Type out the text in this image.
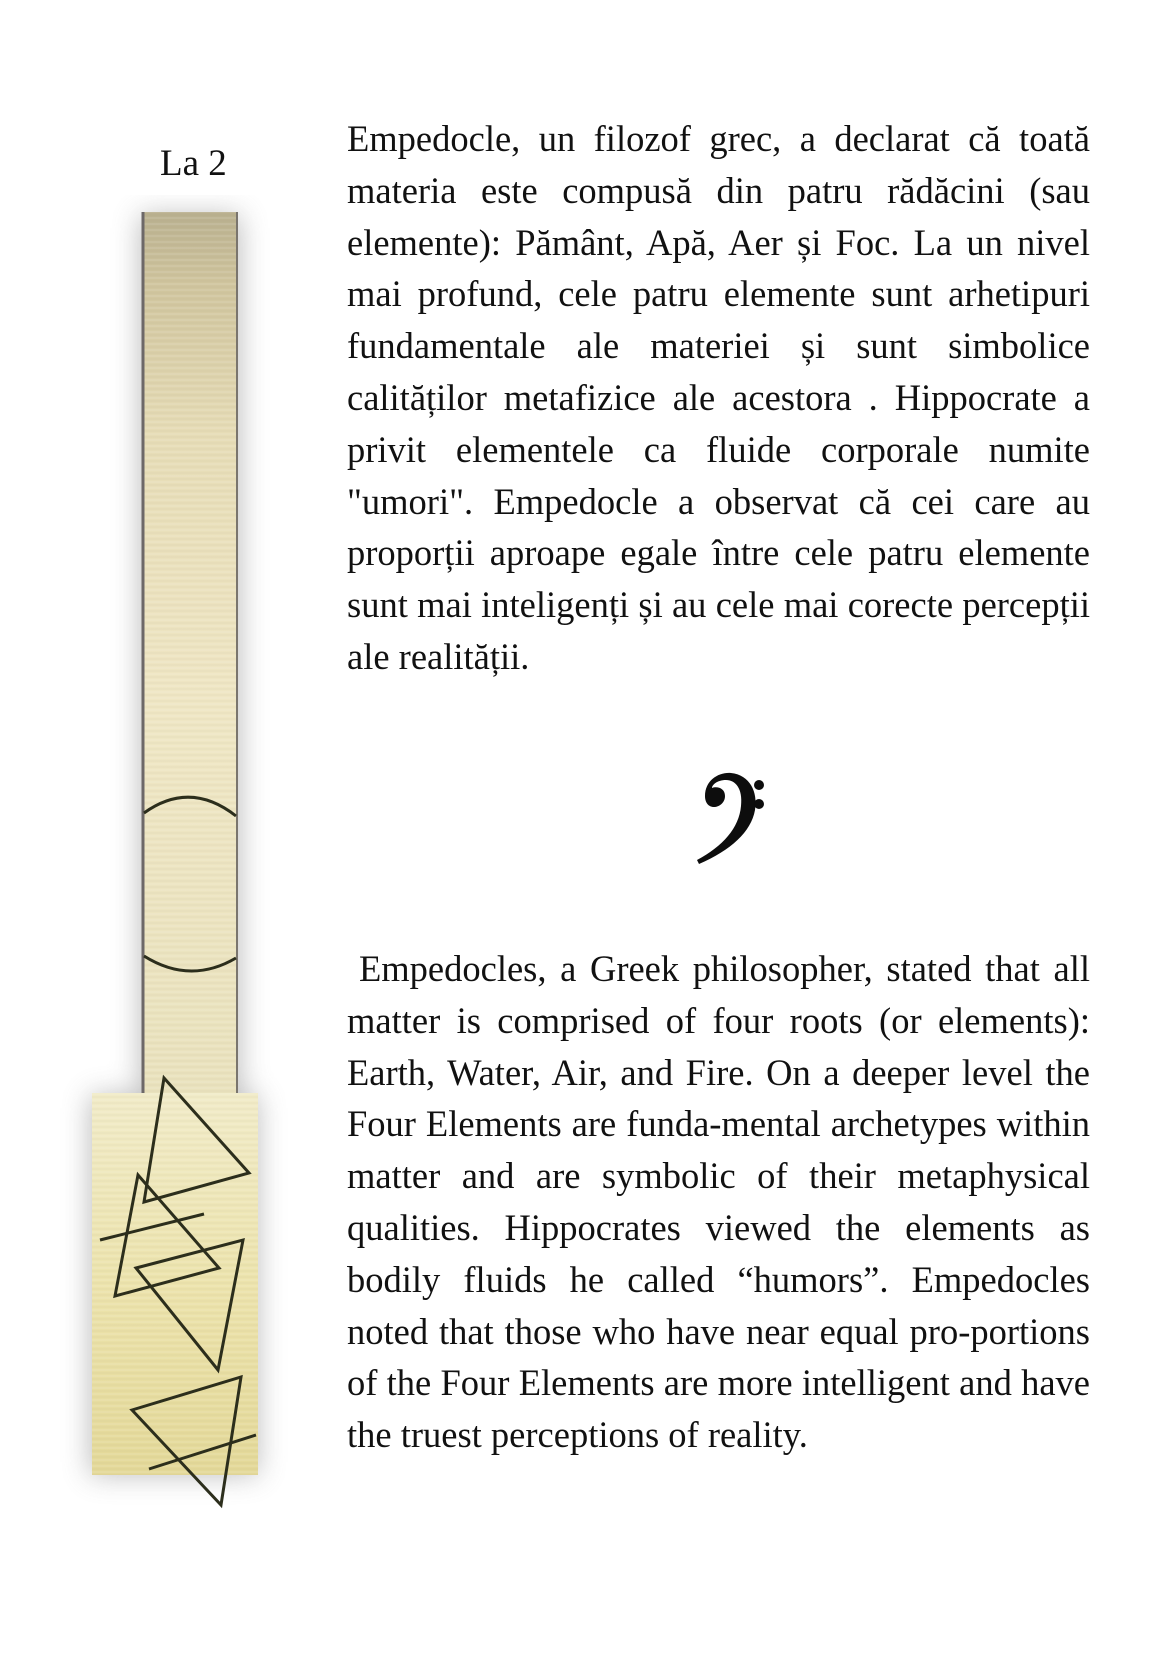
La 2

Empedocle, un filozof grec, a declarat că toată materia este compusă din patru rădăcini (sau elemente): Pământ, Apă, Aer și Foc. La un nivel mai profund, cele patru elemente sunt arhetipuri fundamentale ale materiei și sunt simbolice calităților metafizice ale acestora . Hippocrate a privit elementele ca fluide corporale numite "umori". Empedocle a observat că cei care au proporții aproape egale între cele patru elemente sunt mai inteligenți și au cele mai corecte percepții ale realității.

Empedocles, a Greek philosopher, stated that all matter is comprised of four roots (or elements): Earth, Water, Air, and Fire. On a deeper level the Four Elements are funda-mental archetypes within matter and are symbolic of their metaphysical qualities. Hippocrates viewed the elements as bodily fluids he called “humors”. Empedocles noted that those who have near equal pro-portions of the Four Elements are more intelligent and have the truest perceptions of reality.
